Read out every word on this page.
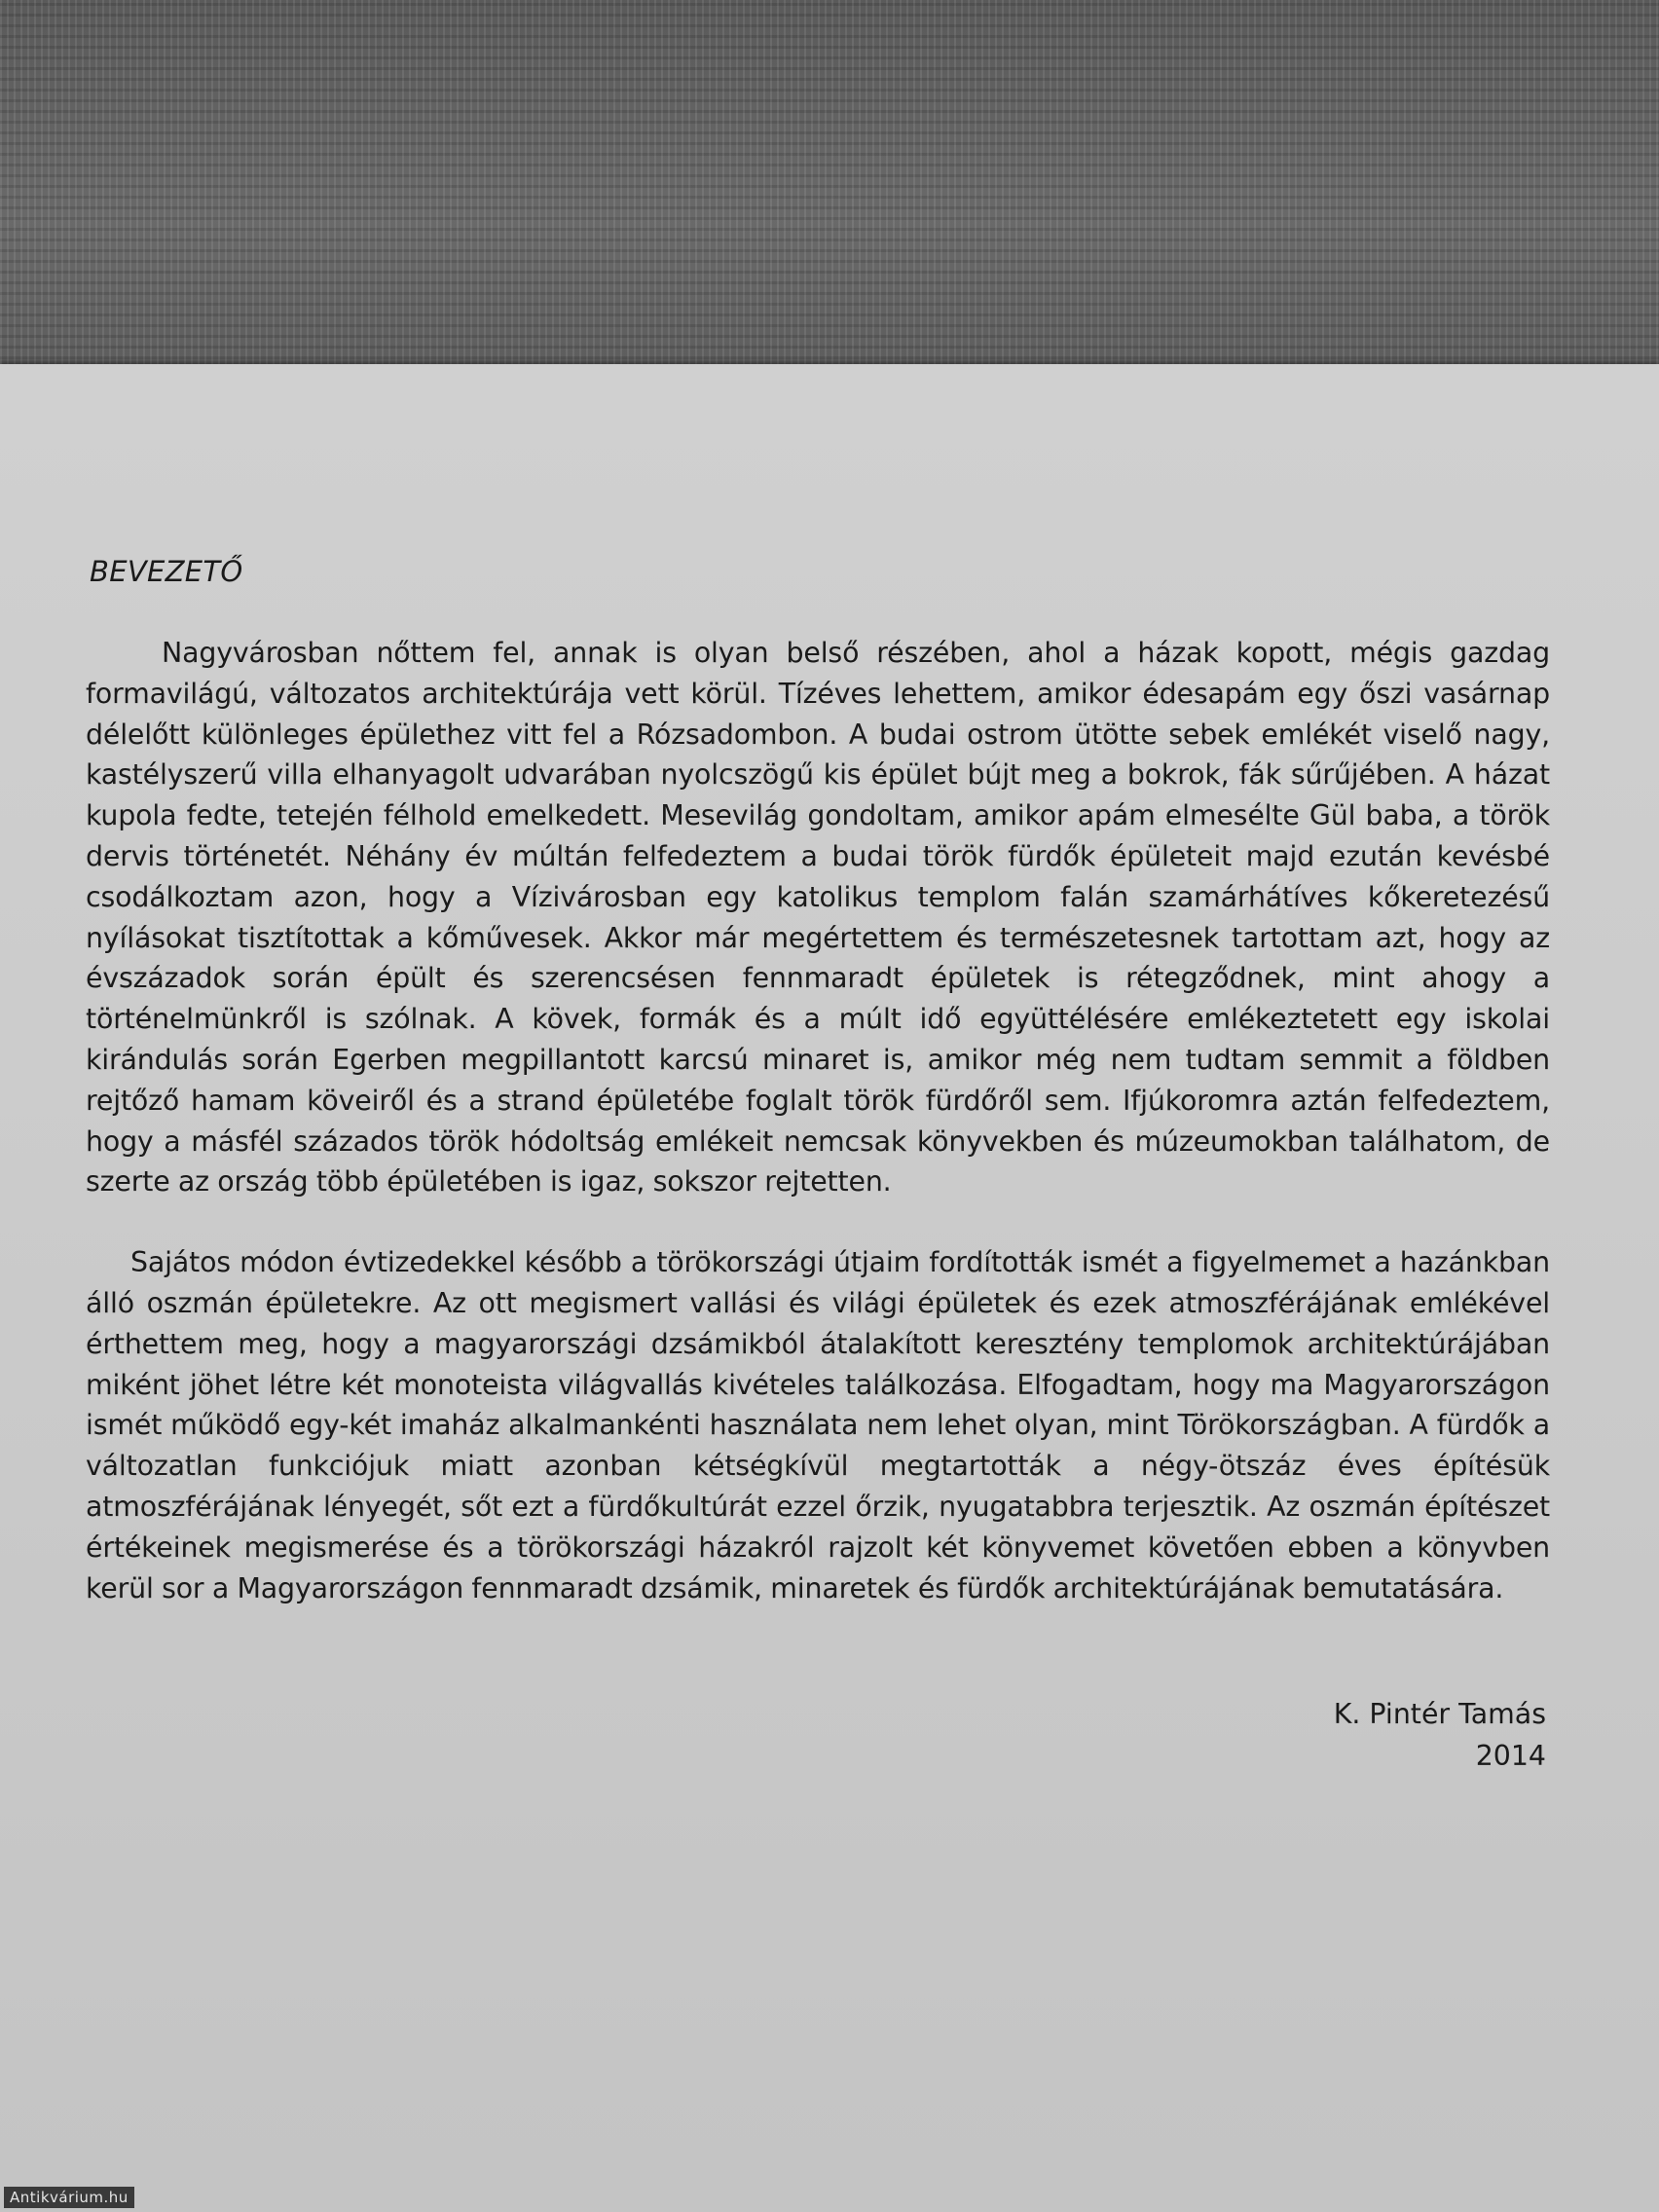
BEVEZETŐ

Nagyvárosban nőttem fel, annak is olyan belső részében, ahol a házak kopott, mégis gazdag formavilágú, változatos architektúrája vett körül. Tízéves lehettem, amikor édesapám egy őszi vasárnap délelőtt különleges épülethez vitt fel a Rózsadombon. A budai ostrom ütötte sebek emlékét viselő nagy, kastélyszerű villa elhanyagolt udvarában nyolcszögű kis épület bújt meg a bokrok, fák sűrűjében. A házat kupola fedte, tetején félhold emelkedett. Mesevilág gondoltam, amikor apám elmeséltе Gül baba, a török dervis történetét. Néhány év múltán felfedeztem a budai török fürdők épületeit majd ezután kevésbé csodálkoztam azon, hogy a Vízivárosban egy katolikus templom falán szamárhátíves kőkeretezésű nyílásokat tisztítottak a kőművesek. Akkor már megértettem és természetesnek tartottam azt, hogy az évszázadok során épült és szerencsésen fennmaradt épületek is rétegződnek, mint ahogy a történelmünkről is szólnak. A kövek, formák és a múlt idő együttélésére emlékeztetett egy iskolai kirándulás során Egerben megpillantott karcsú minaret is, amikor még nem tudtam semmit a földben rejtőző hamam köveiről és a strand épületébe foglalt török fürdőről sem. Ifjúkoromra aztán felfedeztem, hogy a másfél százados török hódoltság emlékeit nemcsak könyvekben és múzeumokban találhatom, de szerte az ország több épületében is igaz, sokszor rejtetten.

Sajátos módon évtizedekkel később a törökországi útjaim fordították ismét a figyelmemet a hazánkban álló oszmán épületekre. Az ott megismert vallási és világi épületek és ezek atmoszférájának emlékével érthettem meg, hogy a magyarországi dzsámikból átalakított keresztény templomok architektúrájában miként jöhet létre két monoteista világvallás kivételes találkozása. Elfogadtam, hogy ma Magyarországon ismét működő egy-két imaház alkalmankénti használata nem lehet olyan, mint Törökországban. A fürdők a változatlan funkciójuk miatt azonban kétségkívül megtartották a négy-ötszáz éves építésük atmoszférájának lényegét, sőt ezt a fürdőkultúrát ezzel őrzik, nyugatabbra terjesztik. Az oszmán építészet értékeinek megismerése és a törökországi házakról rajzolt két könyvemet követően ebben a könyvben kerül sor a Magyarországon fennmaradt dzsámik, minaretek és fürdők architektúrájának bemutatására.

K. Pintér Tamás
2014
Antikvárium.hu
